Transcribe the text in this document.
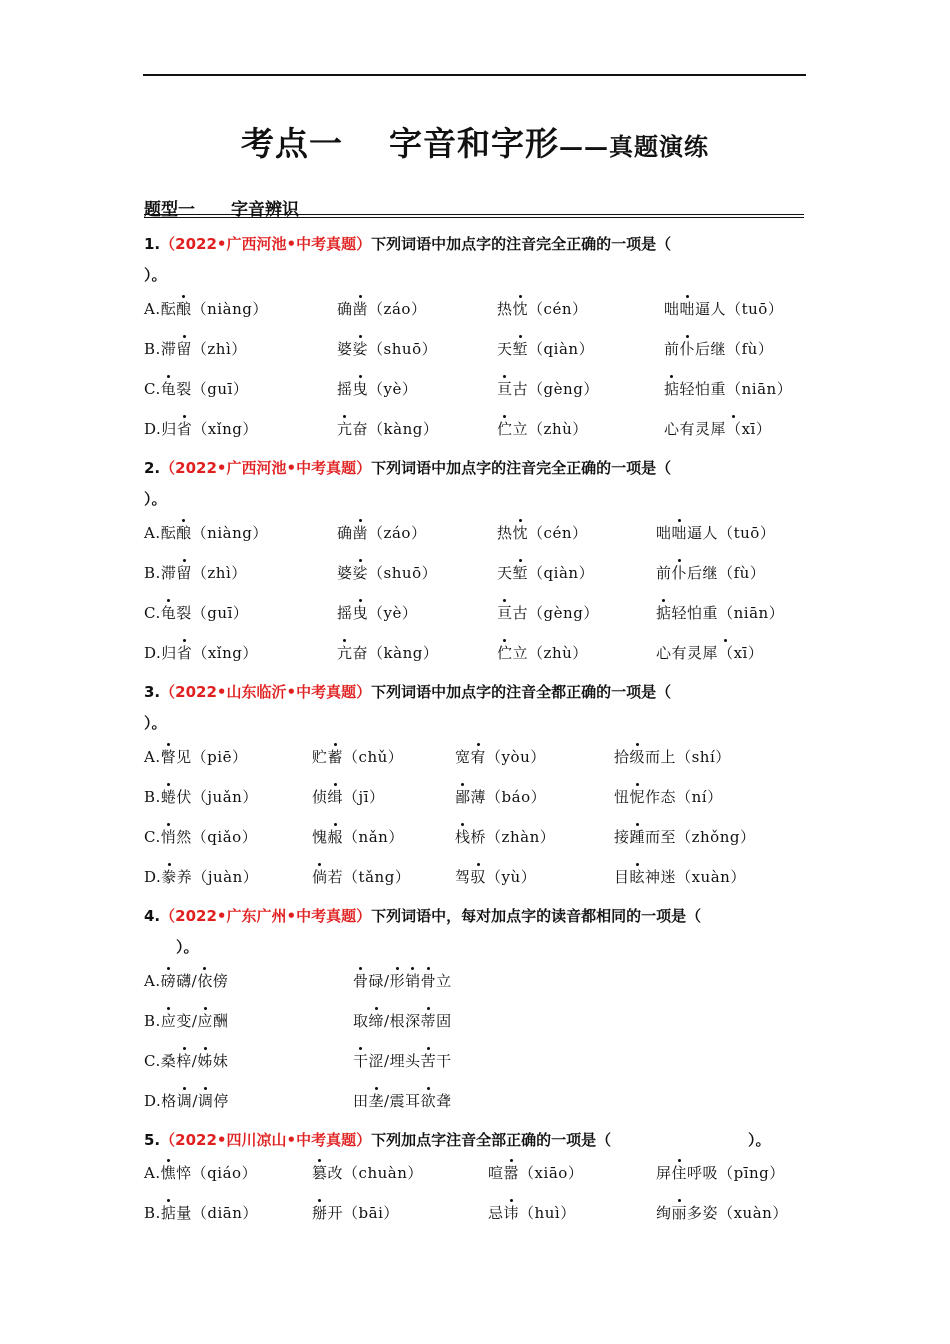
考点一 字音和字形——真题演练
题型一 字音辨识
1.（2022•广西河池•中考真题）下列词语中加点字的注音完全正确的一项是（
）。
A.酝酿（niàng）	确凿（záo）	热忱（cén）	咄咄逼人（tuō）
B.滞留（zhì）	婆娑（shuō）	天堑（qiàn）	前仆后继（fù）
C.龟裂（guī）	摇曳（yè）	亘古（gèng）	掂轻怕重（niān）
D.归省（xǐng）	亢奋（kàng）	伫立（zhù）	心有灵犀（xī）
2.（2022•广西河池•中考真题）下列词语中加点字的注音完全正确的一项是（
）。
A.酝酿（niàng）	确凿（záo）	热忱（cén）	咄咄逼人（tuō）
B.滞留（zhì）	婆娑（shuō）	天堑（qiàn）	前仆后继（fù）
C.龟裂（guī）	摇曳（yè）	亘古（gèng）	掂轻怕重（niān）
D.归省（xǐng）	亢奋（kàng）	伫立（zhù）	心有灵犀（xī）
3.（2022•山东临沂•中考真题）下列词语中加点字的注音全都正确的一项是（
）。
A.瞥见（piē）	贮蓄（chǔ）	宽宥（yòu）	拾级而上（shí）
B.蜷伏（juǎn）	侦缉（jī）	鄙薄（báo）	忸怩作态（ní）
C.悄然（qiǎo）	愧赧（nǎn）	栈桥（zhàn）	接踵而至（zhǒng）
D.豢养（juàn）	倘若（tǎng）	驾驭（yù）	目眩神迷（xuàn）
4.（2022•广东广州•中考真题）下列词语中，每对加点字的读音都相同的一项是（
）。
A.磅礴/依傍	骨碌/形销骨立
B.应变/应酬	取缔/根深蒂固
C.桑梓/姊妹	干涩/埋头苦干
D.格调/调停	田垄/震耳欲聋
5.（2022•四川凉山•中考真题）下列加点字注音全部正确的一项是（	）。
A.憔悴（qiáo）	篡改（chuàn）	喧嚣（xiāo）	屏住呼吸（pīng）
B.掂量（diān）	掰开（bāi）	忌讳（huì）	绚丽多姿（xuàn）
